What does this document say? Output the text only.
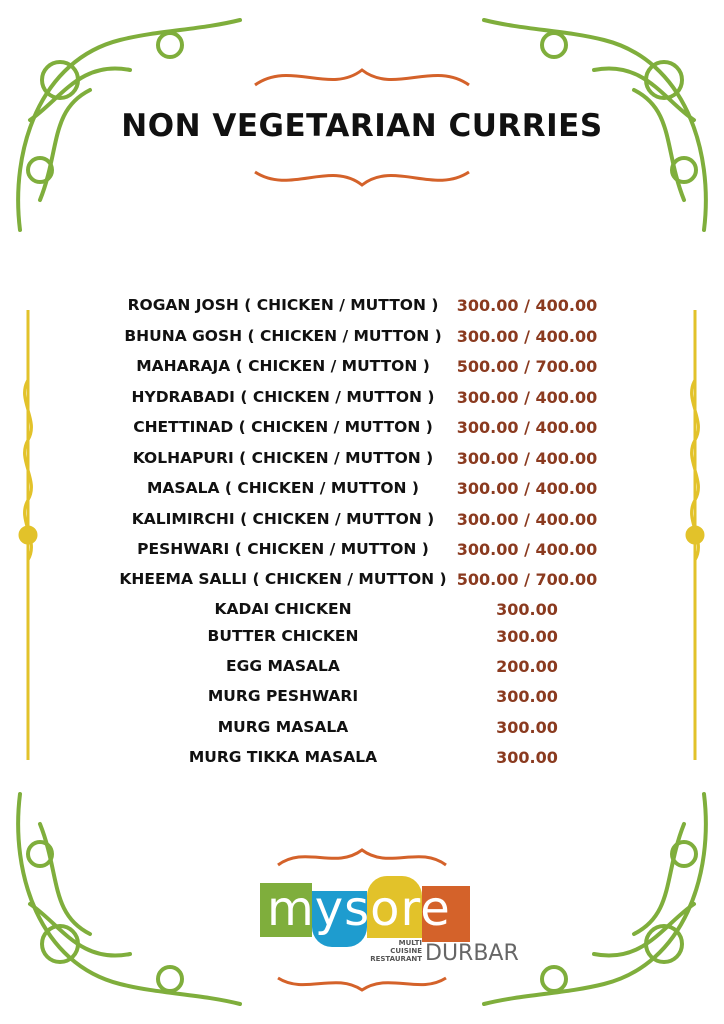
NON VEGETARIAN CURRIES
ROGAN JOSH ( CHICKEN / MUTTON )	300.00 / 400.00
BHUNA GOSH ( CHICKEN / MUTTON ) 300.00 / 400.00
MAHARAJA ( CHICKEN / MUTTON )	500.00 / 700.00
HYDRABADI ( CHICKEN / MUTTON )	300.00 / 400.00
CHETTINAD ( CHICKEN / MUTTON )	300.00 / 400.00
KOLHAPURI ( CHICKEN / MUTTON )	300.00 / 400.00
MASALA ( CHICKEN / MUTTON )	300.00 / 400.00
KALIMIRCHI ( CHICKEN / MUTTON )	300.00 / 400.00
PESHWARI ( CHICKEN / MUTTON )	300.00 / 400.00
KHEEMA SALLI ( CHICKEN / MUTTON ) 500.00 / 700.00
KADAI CHICKEN	300.00
BUTTER CHICKEN	300.00
EGG MASALA	200.00
MURG PESHWARI	300.00
MURG MASALA	300.00
MURG TIKKA MASALA	300.00
mysore
MULTI
CUISINE
RESTAURANT DURBAR
